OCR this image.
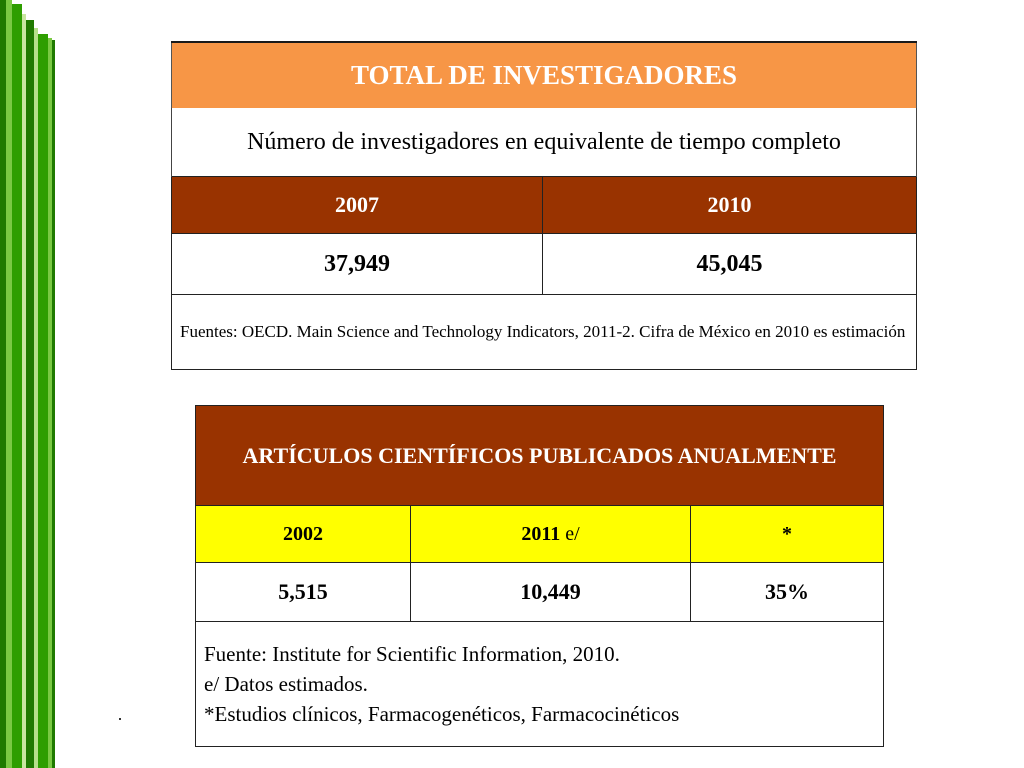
TOTAL DE INVESTIGADORES	
Número de investigadores en equivalente de tiempo completo	
2007	2010
37,949	45,045
Fuentes: OECD. Main Science and Technology Indicators, 2011-2. Cifra de México en 2010 es estimación	
ARTÍCULOS CIENTÍFICOS PUBLICADOS ANUALMENTE		
2002	2011 e/	*
5,515	10,449	35%

Fuente: Institute for Scientific Information, 2010.
e/ Datos estimados.
*Estudios clínicos, Farmacogenéticos, Farmacocinéticos		
